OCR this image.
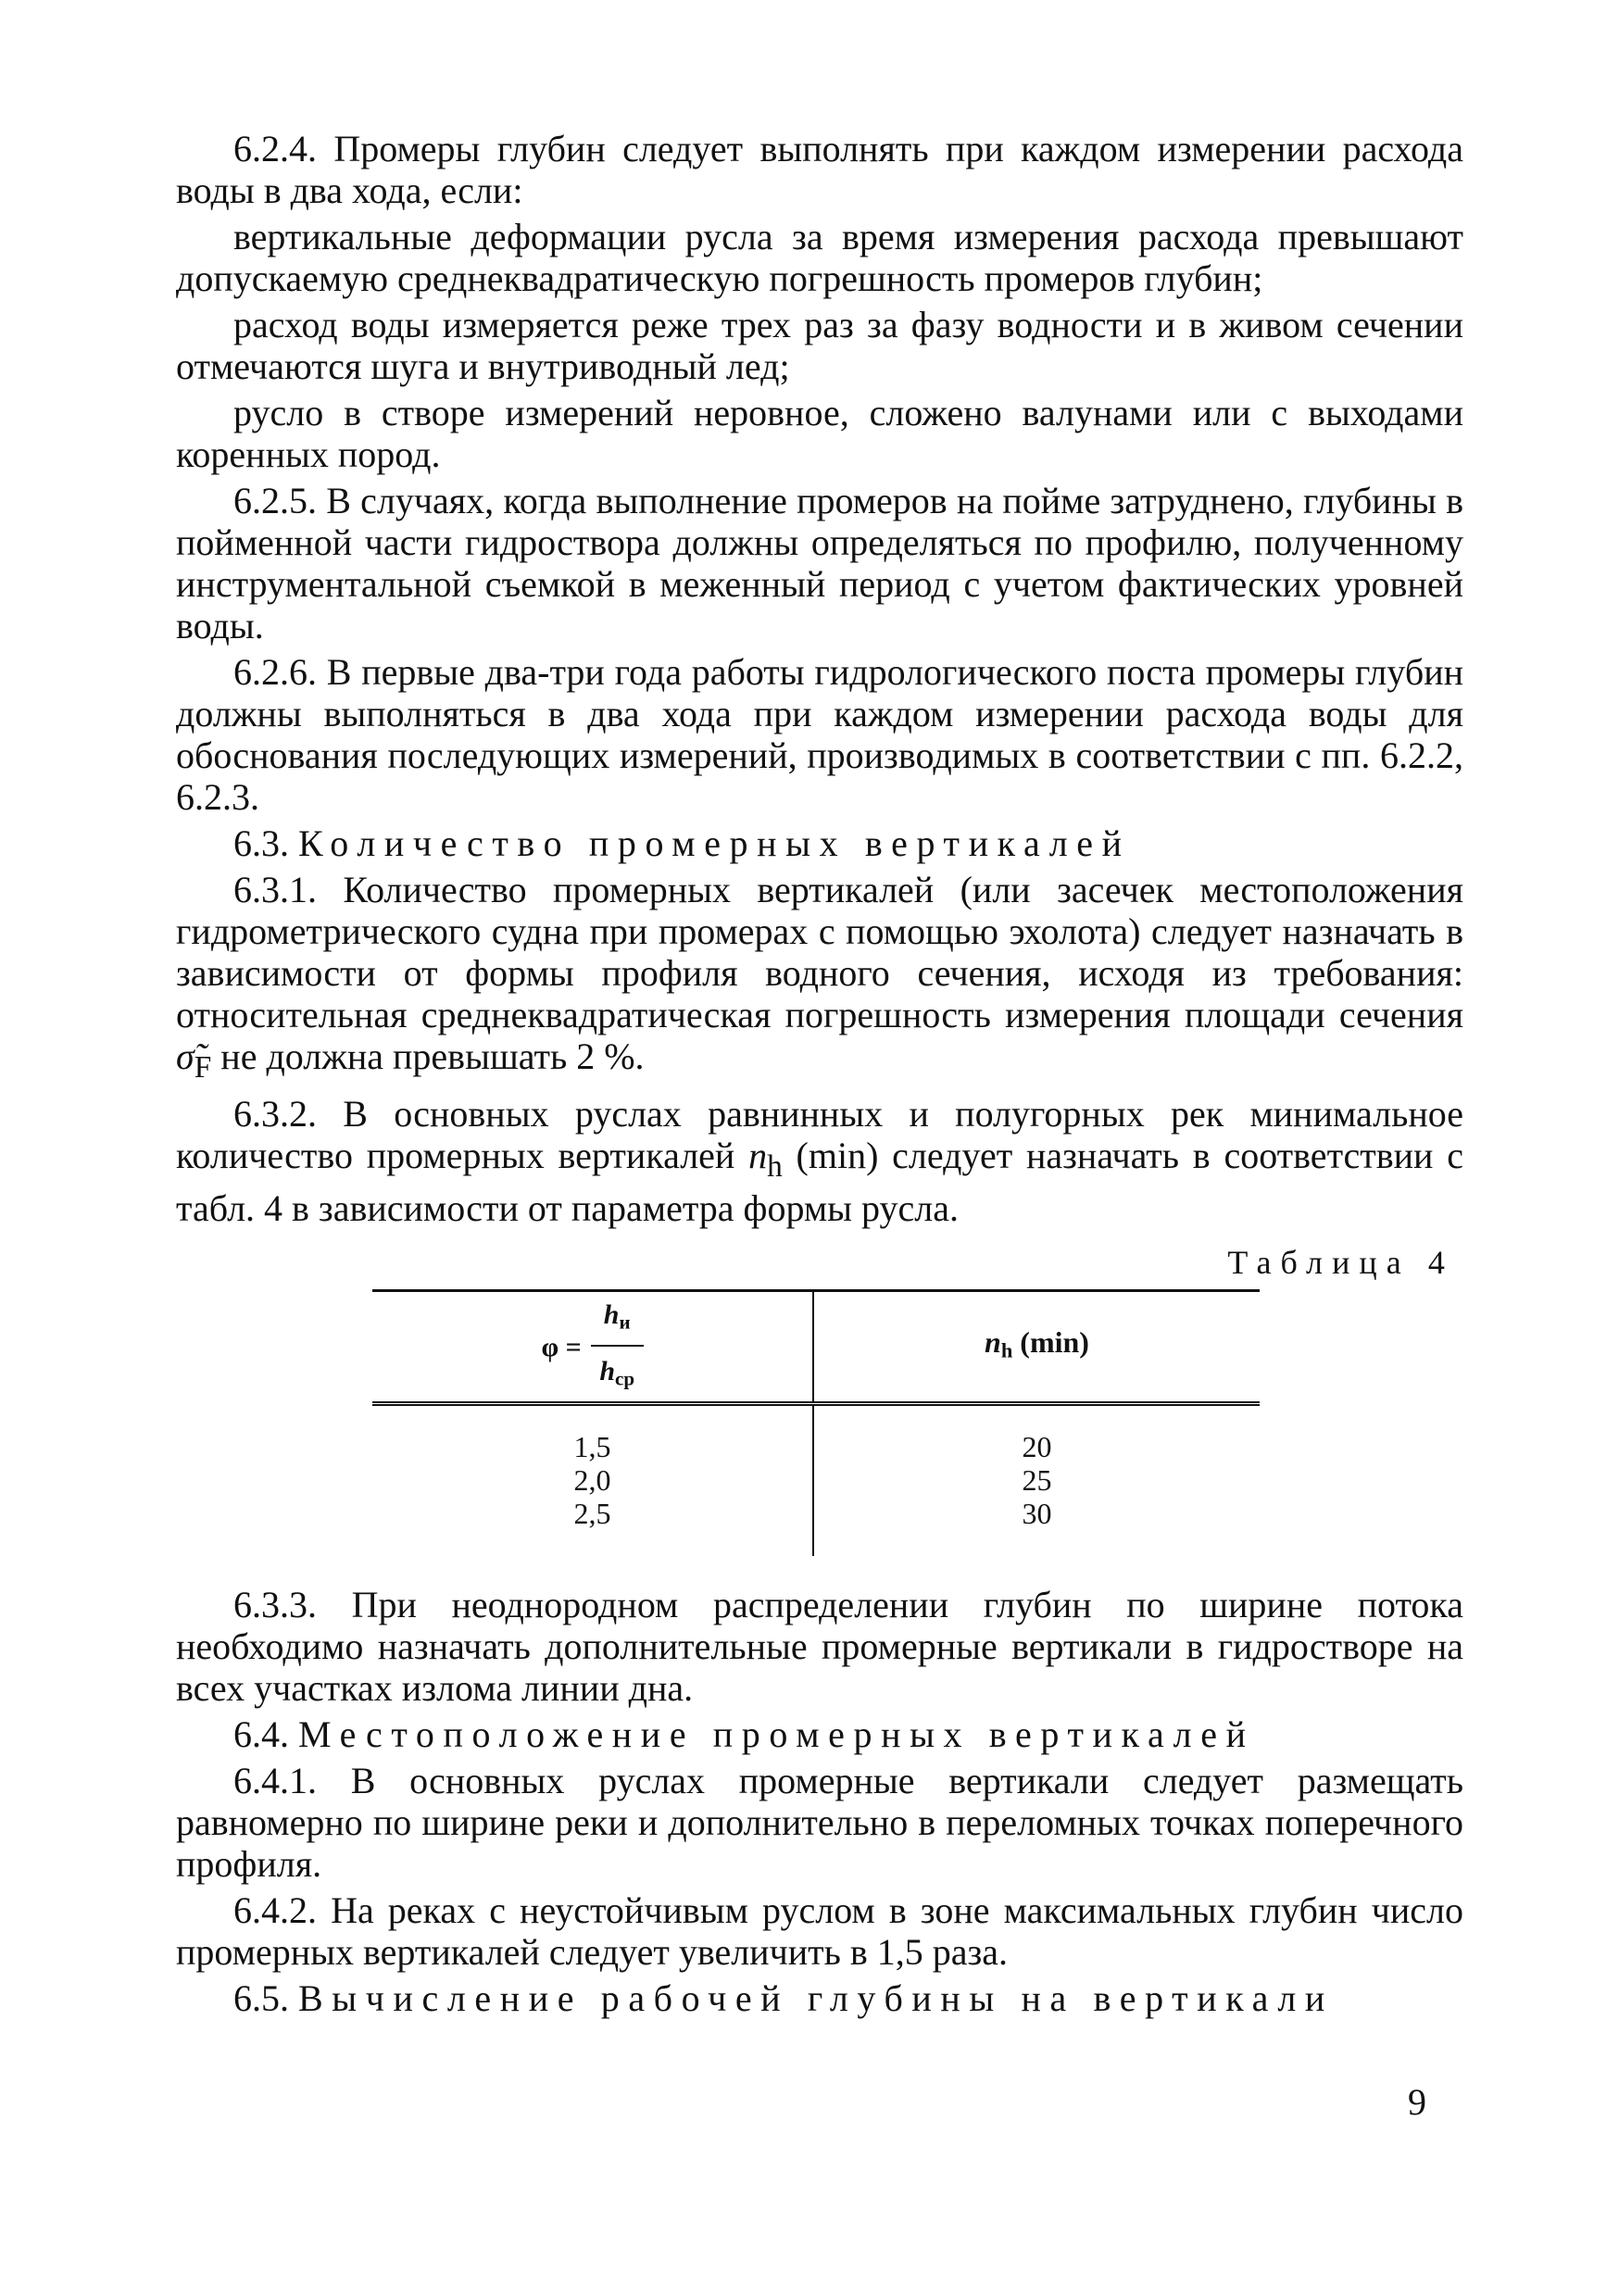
6.2.4. Промеры глубин следует выполнять при каждом измерении расхода воды в два хода, если:

вертикальные деформации русла за время измерения расхода превышают допускаемую среднеквадратическую погрешность промеров глубин;

расход воды измеряется реже трех раз за фазу водности и в живом сечении отмечаются шуга и внутриводный лед;

русло в створе измерений неровное, сложено валунами или с выходами коренных пород.

6.2.5. В случаях, когда выполнение промеров на пойме затруднено, глубины в пойменной части гидроствора должны определяться по профилю, полученному инструментальной съемкой в меженный период с учетом фактических уровней воды.

6.2.6. В первые два-три года работы гидрологического поста промеры глубин должны выполняться в два хода при каждом измерении расхода воды для обоснования последующих измерений, производимых в соответствии с пп. 6.2.2, 6.2.3.

6.3. Количество промерных вертикалей

6.3.1. Количество промерных вертикалей (или засечек местоположения гидрометрического судна при промерах с помощью эхолота) следует назначать в зависимости от формы профиля водного сечения, исходя из требования: относительная среднеквадратическая погрешность измерения площади сечения $\sigmã_F$ не должна превышать 2 %.

6.3.2. В основных руслах равнинных и полугорных рек минимальное количество промерных вертикалей $n_h$ (min) следует назначать в соответствии с табл. 4 в зависимости от параметра формы русла.

Таблица 4
$\varphi = \frac{h_и}{h_{ср}}$	$n_h$ (min)
1,5	20
2,0	25
2,5	30

6.3.3. При неоднородном распределении глубин по ширине потока необходимо назначать дополнительные промерные вертикали в гидростворе на всех участках излома линии дна.

6.4. Местоположение промерных вертикалей

6.4.1. В основных руслах промерные вертикали следует размещать равномерно по ширине реки и дополнительно в переломных точках поперечного профиля.

6.4.2. На реках с неустойчивым руслом в зоне максимальных глубин число промерных вертикалей следует увеличить в 1,5 раза.

6.5. Вычисление рабочей глубины на вертикали

9
